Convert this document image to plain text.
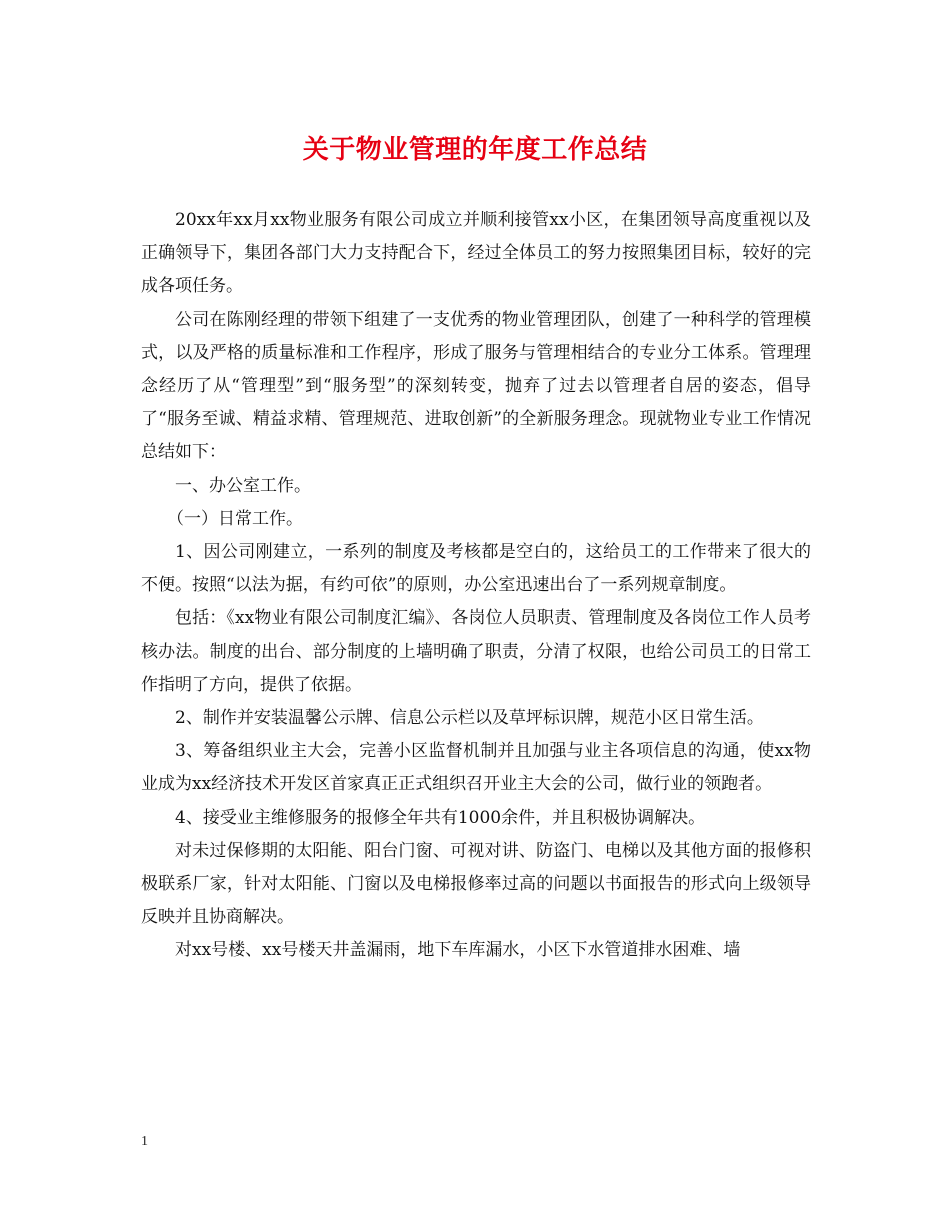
关于物业管理的年度工作总结

20xx年xx月xx物业服务有限公司成立并顺利接管xx小区，在集团领导高度重视以及正确领导下，集团各部门大力支持配合下，经过全体员工的努力按照集团目标，较好的完成各项任务。

公司在陈刚经理的带领下组建了一支优秀的物业管理团队，创建了一种科学的管理模式，以及严格的质量标准和工作程序，形成了服务与管理相结合的专业分工体系。管理理念经历了从“管理型”到“服务型”的深刻转变，抛弃了过去以管理者自居的姿态，倡导了“服务至诚、精益求精、管理规范、进取创新”的全新服务理念。现就物业专业工作情况总结如下：

一、办公室工作。

（一）日常工作。

1、因公司刚建立，一系列的制度及考核都是空白的，这给员工的工作带来了很大的不便。按照“以法为据，有约可依”的原则，办公室迅速出台了一系列规章制度。

包括：《xx物业有限公司制度汇编》、各岗位人员职责、管理制度及各岗位工作人员考核办法。制度的出台、部分制度的上墙明确了职责，分清了权限，也给公司员工的日常工作指明了方向，提供了依据。

2、制作并安装温馨公示牌、信息公示栏以及草坪标识牌，规范小区日常生活。

3、筹备组织业主大会，完善小区监督机制并且加强与业主各项信息的沟通，使xx物业成为xx经济技术开发区首家真正正式组织召开业主大会的公司，做行业的领跑者。

4、接受业主维修服务的报修全年共有1000余件，并且积极协调解决。

对未过保修期的太阳能、阳台门窗、可视对讲、防盗门、电梯以及其他方面的报修积极联系厂家，针对太阳能、门窗以及电梯报修率过高的问题以书面报告的形式向上级领导反映并且协商解决。

对xx号楼、xx号楼天井盖漏雨，地下车库漏水，小区下水管道排水困难、墙

1
